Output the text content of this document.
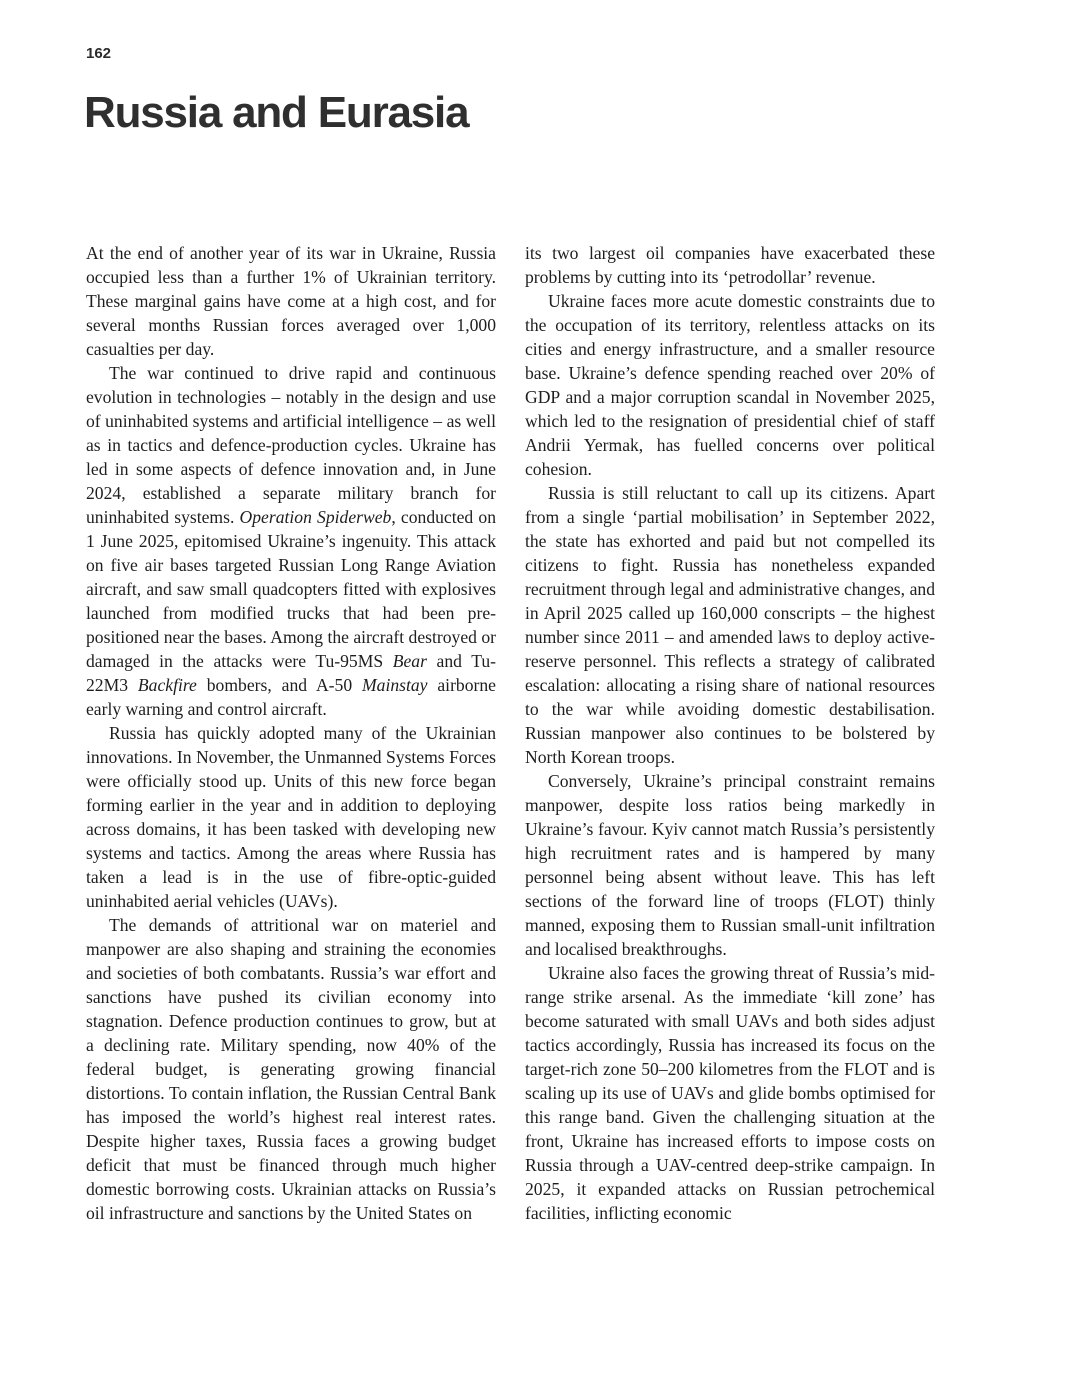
162
Russia and Eurasia

At the end of another year of its war in Ukraine, Russia occupied less than a further 1% of Ukrainian territory. These marginal gains have come at a high cost, and for several months Russian forces averaged over 1,000 casualties per day.

The war continued to drive rapid and continuous evolution in technologies – notably in the design and use of uninhabited systems and artificial intelligence – as well as in tactics and defence-production cycles. Ukraine has led in some aspects of defence innovation and, in June 2024, established a separate military branch for uninhabited systems. Operation Spiderweb, conducted on 1 June 2025, epitomised Ukraine’s ingenuity. This attack on five air bases targeted Russian Long Range Aviation aircraft, and saw small quadcopters fitted with explosives launched from modified trucks that had been pre-positioned near the bases. Among the aircraft destroyed or damaged in the attacks were Tu-95MS Bear and Tu-22M3 Backfire bombers, and A-50 Mainstay airborne early warning and control aircraft.

Russia has quickly adopted many of the Ukrainian innovations. In November, the Unmanned Systems Forces were officially stood up. Units of this new force began forming earlier in the year and in addition to deploying across domains, it has been tasked with developing new systems and tactics. Among the areas where Russia has taken a lead is in the use of fibre-optic-guided uninhabited aerial vehicles (UAVs).

The demands of attritional war on materiel and manpower are also shaping and straining the economies and societies of both combatants. Russia’s war effort and sanctions have pushed its civilian economy into stagnation. Defence production continues to grow, but at a declining rate. Military spending, now 40% of the federal budget, is generating growing financial distortions. To contain inflation, the Russian Central Bank has imposed the world’s highest real interest rates. Despite higher taxes, Russia faces a growing budget deficit that must be financed through much higher domestic borrowing costs. Ukrainian attacks on Russia’s oil infrastructure and sanctions by the United States on

its two largest oil companies have exacerbated these problems by cutting into its ‘petrodollar’ revenue.

Ukraine faces more acute domestic constraints due to the occupation of its territory, relentless attacks on its cities and energy infrastructure, and a smaller resource base. Ukraine’s defence spending reached over 20% of GDP and a major corruption scandal in November 2025, which led to the resignation of presidential chief of staff Andrii Yermak, has fuelled concerns over political cohesion.

Russia is still reluctant to call up its citizens. Apart from a single ‘partial mobilisation’ in September 2022, the state has exhorted and paid but not compelled its citizens to fight. Russia has nonetheless expanded recruitment through legal and administrative changes, and in April 2025 called up 160,000 conscripts – the highest number since 2011 – and amended laws to deploy active-reserve personnel. This reflects a strategy of calibrated escalation: allocating a rising share of national resources to the war while avoiding domestic destabilisation. Russian manpower also continues to be bolstered by North Korean troops.

Conversely, Ukraine’s principal constraint remains manpower, despite loss ratios being markedly in Ukraine’s favour. Kyiv cannot match Russia’s persistently high recruitment rates and is hampered by many personnel being absent without leave. This has left sections of the forward line of troops (FLOT) thinly manned, exposing them to Russian small-unit infiltration and localised breakthroughs.

Ukraine also faces the growing threat of Russia’s mid-range strike arsenal. As the immediate ‘kill zone’ has become saturated with small UAVs and both sides adjust tactics accordingly, Russia has increased its focus on the target-rich zone 50–200 kilometres from the FLOT and is scaling up its use of UAVs and glide bombs optimised for this range band. Given the challenging situation at the front, Ukraine has increased efforts to impose costs on Russia through a UAV-centred deep-strike campaign. In 2025, it expanded attacks on Russian petrochemical facilities, inflicting economic
